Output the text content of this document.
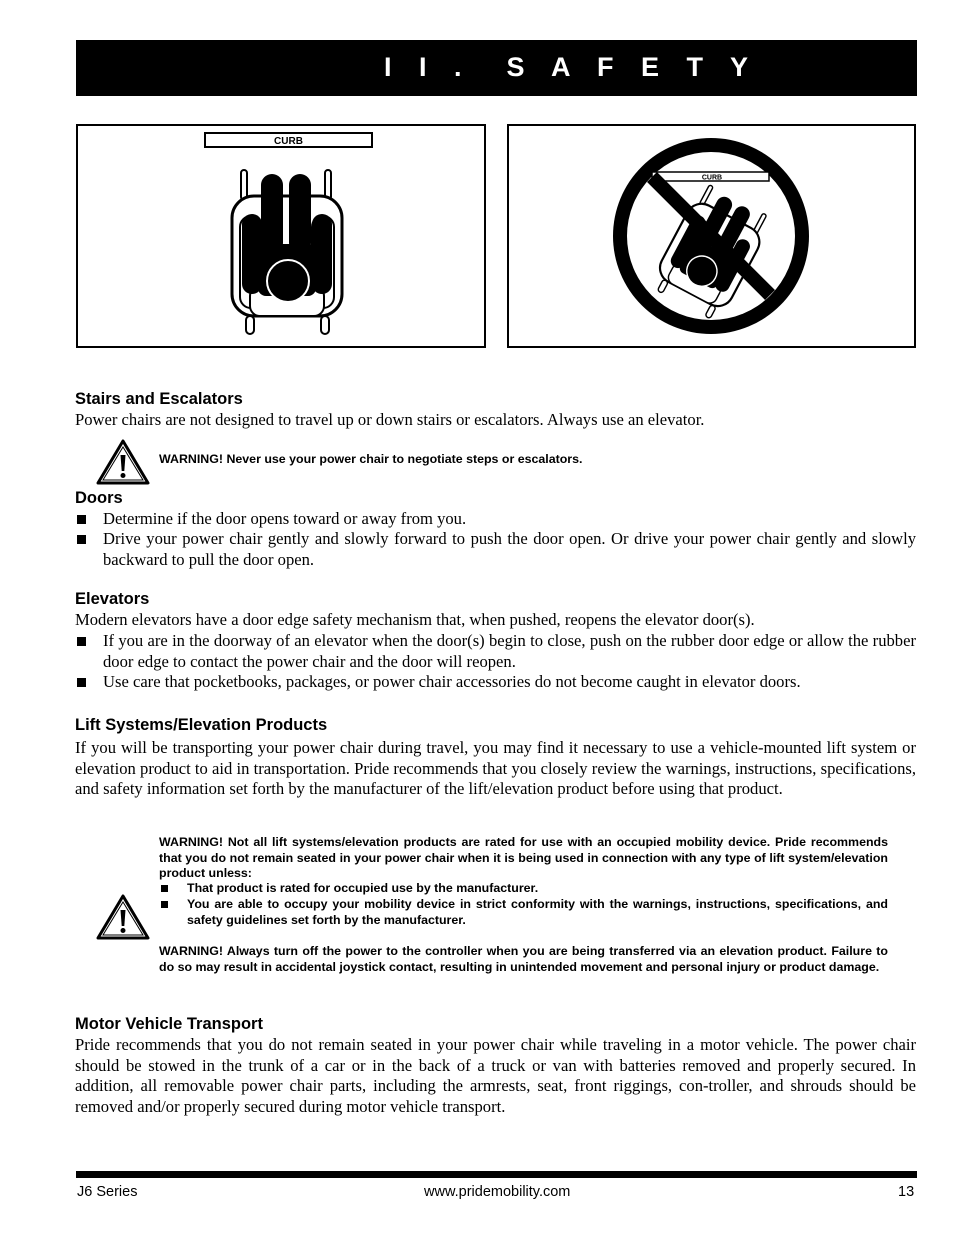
I I .  S A F E T Y
CURB
CURB
Stairs and Escalators

Power chairs are not designed to travel up or down stairs or escalators. Always use an elevator.

WARNING! Never use your power chair to negotiate steps or escalators.

Doors
Determine if the door opens toward or away from you.
Drive your power chair gently and slowly forward to push the door open. Or drive your power chair gently and slowly backward to pull the door open.
Elevators

Modern elevators have a door edge safety mechanism that, when pushed, reopens the elevator door(s).

If you are in the doorway of an elevator when the door(s) begin to close, push on the rubber door edge or allow the rubber door edge to contact the power chair and the door will reopen.
Use care that pocketbooks, packages, or power chair accessories do not become caught in elevator doors.
Lift Systems/Elevation Products

If you will be transporting your power chair during travel, you may find it necessary to use a vehicle-mounted lift system or elevation product to aid in transportation. Pride recommends that you closely review the warnings, instructions, specifications, and safety information set forth by the manufacturer of the lift/elevation product before using that product.

WARNING! Not all lift systems/elevation products are rated for use with an occupied mobility device. Pride recommends that you do not remain seated in your power chair when it is being used in connection with any type of lift system/elevation product unless:

That product is rated for occupied use by the manufacturer.
You are able to occupy your mobility device in strict conformity with the warnings, instructions, specifications, and safety guidelines set forth by the manufacturer.

WARNING! Always turn off the power to the controller when you are being transferred via an elevation product. Failure to do so may result in accidental joystick contact, resulting in unintended movement and personal injury or product damage.

Motor Vehicle Transport

Pride recommends that you do not remain seated in your power chair while traveling in a motor vehicle. The power chair should be stowed in the trunk of a car or in the back of a truck or van with batteries removed and properly secured. In addition, all removable power chair parts, including the armrests, seat, front riggings, con-troller, and shrouds should be removed and/or properly secured during motor vehicle transport.

J6 Series	www.pridemobility.com	13
